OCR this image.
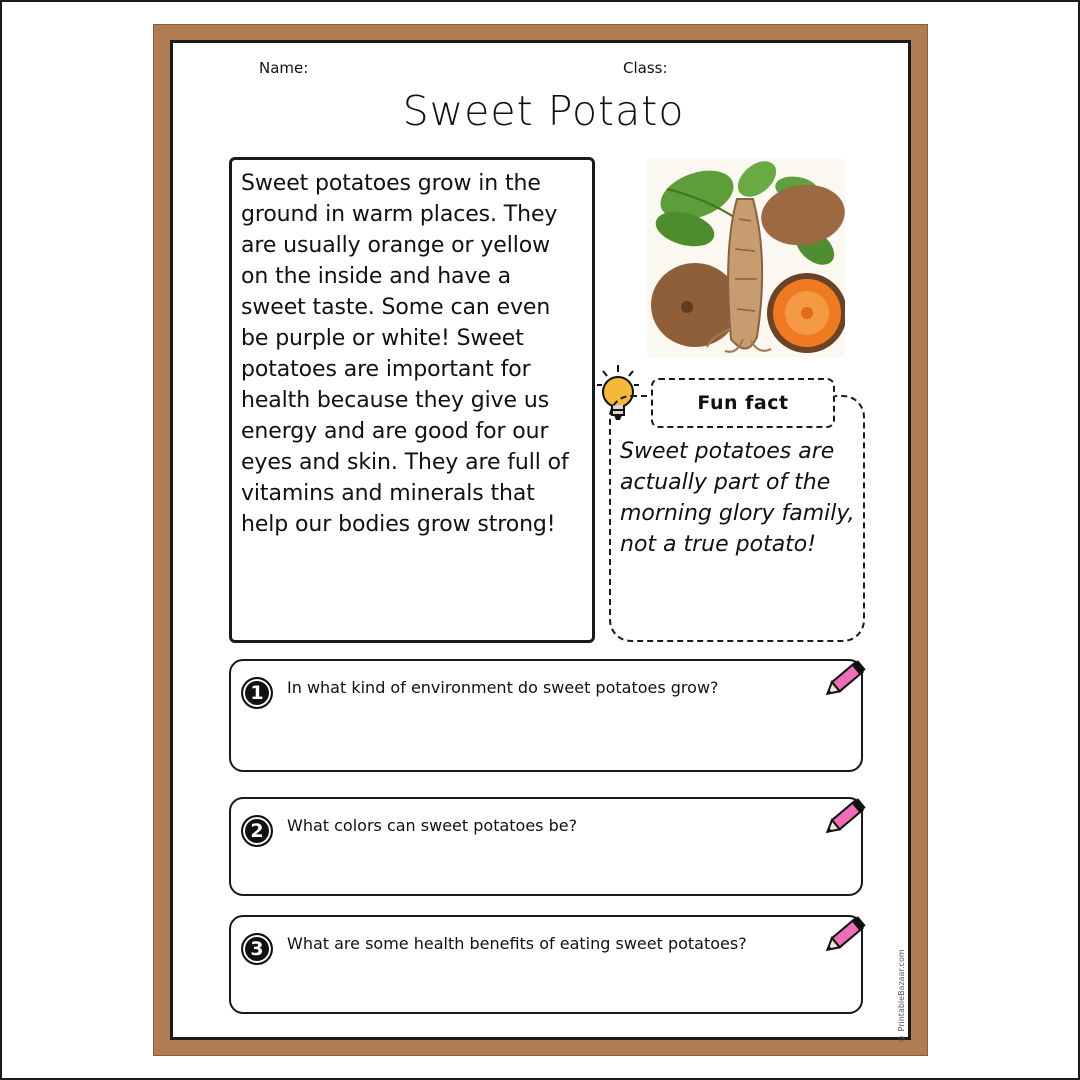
Name:	Class:
Sweet Potato

Sweet potatoes grow in the ground in warm places. They are usually orange or yellow on the inside and have a sweet taste. Some can even be purple or white! Sweet potatoes are important for health because they give us energy and are good for our eyes and skin. They are full of vitamins and minerals that help our bodies grow strong!

Fun fact

Sweet potatoes are actually part of the morning glory family, not a true potato!

1	In what kind of environment do sweet potatoes grow?

2	What colors can sweet potatoes be?

3	What are some health benefits of eating sweet potatoes?

© PrintableBazaar.com
